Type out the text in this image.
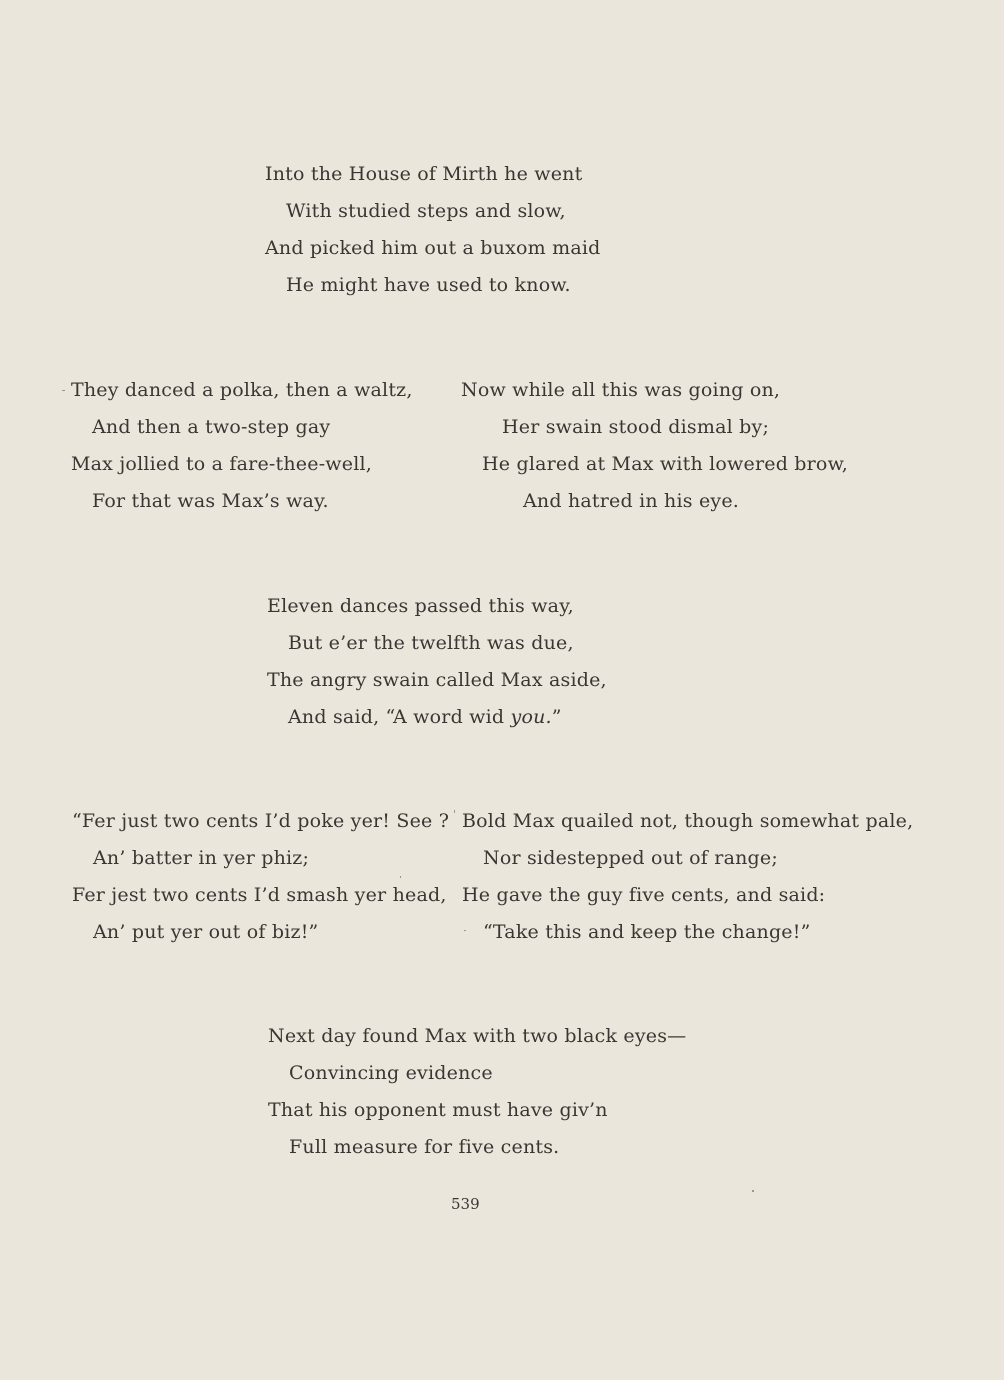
Into the House of Mirth he went
With studied steps and slow,
And picked him out a buxom maid
He might have used to know.
They danced a polka, then a waltz,
And then a two-step gay
Max jollied to a fare-thee-well,
For that was Max’s way.
Now while all this was going on,
Her swain stood dismal by;
He glared at Max with lowered brow,
And hatred in his eye.
Eleven dances passed this way,
But e’er the twelfth was due,
The angry swain called Max aside,
And said, “A word wid you.”
“Fer just two cents I’d poke yer! See ?
An’ batter in yer phiz;
Fer jest two cents I’d smash yer head,
An’ put yer out of biz!”
Bold Max quailed not, though somewhat pale,
Nor sidestepped out of range;
He gave the guy five cents, and said:
“Take this and keep the change!”
Next day found Max with two black eyes—
Convincing evidence
That his opponent must have giv’n
Full measure for five cents.
539
